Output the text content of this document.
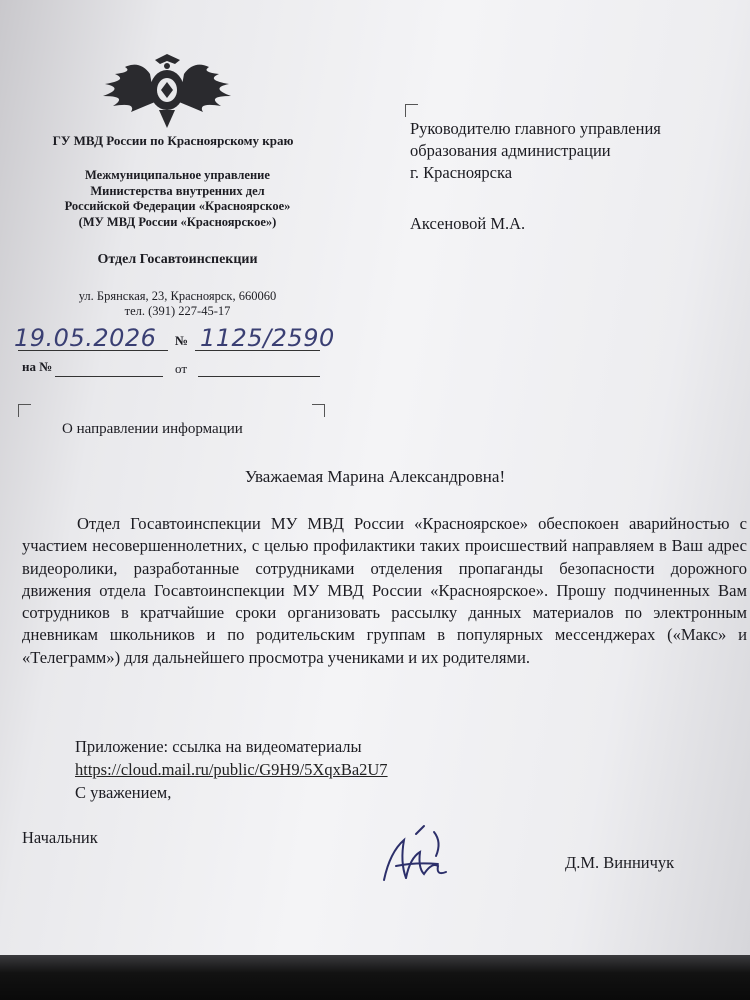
ГУ МВД России по Красноярскому краю
Межмуниципальное управление
Министерства внутренних дел
Российской Федерации «Красноярское»
(МУ МВД России «Красноярское»)
Отдел Госавтоинспекции
ул. Брянская, 23, Красноярск, 660060
тел. (391) 227-45-17
19.05.2026 № 1125/2590
на №	от
Руководителю главного управления
образования администрации
г. Красноярска
Аксеновой М.А.
О направлении информации
Уважаемая Марина Александровна!
Отдел Госавтоинспекции МУ МВД России «Красноярское» обеспокоен аварийностью с участием несовершеннолетних, с целью профилактики таких происшествий направляем в Ваш адрес видеоролики, разработанные сотрудниками отделения пропаганды безопасности дорожного движения отдела Госавтоинспекции МУ МВД России «Красноярское». Прошу подчиненных Вам сотрудников в кратчайшие сроки организовать рассылку данных материалов по электронным дневникам школьников и по родительским группам в популярных мессенджерах («Макс» и «Телеграмм») для дальнейшего просмотра учениками и их родителями.
Приложение: ссылка на видеоматериалы
https://cloud.mail.ru/public/G9H9/5XqxBa2U7
С уважением,
Начальник
Д.М. Винничук
